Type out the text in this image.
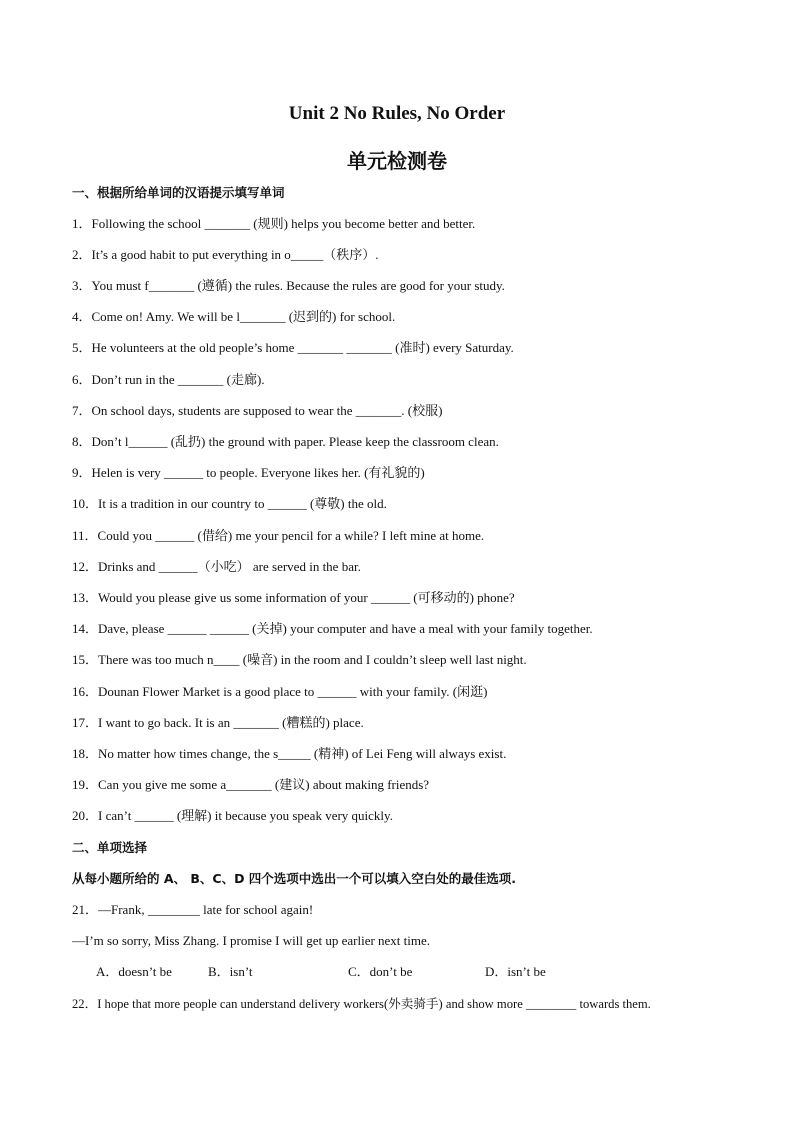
Unit 2 No Rules, No Order
单元检测卷
一、根据所给单词的汉语提示填写单词
1．Following the school _______ (规则) helps you become better and better.
2．It’s a good habit to put everything in o_____（秩序）.
3．You must f_______ (遵循) the rules. Because the rules are good for your study.
4．Come on! Amy. We will be l_______ (迟到的) for school.
5．He volunteers at the old people’s home _______ _______ (准时) every Saturday.
6．Don’t run in the _______ (走廊).
7．On school days, students are supposed to wear the _______. (校服)
8．Don’t l______ (乱扔) the ground with paper. Please keep the classroom clean.
9．Helen is very ______ to people. Everyone likes her. (有礼貌的)
10．It is a tradition in our country to ______ (尊敬) the old.
11．Could you ______ (借给) me your pencil for a while? I left mine at home.
12．Drinks and ______（小吃） are served in the bar.
13．Would you please give us some information of your ______ (可移动的) phone?
14．Dave, please ______ ______ (关掉) your computer and have a meal with your family together.
15．There was too much n____ (噪音) in the room and I couldn’t sleep well last night.
16．Dounan Flower Market is a good place to ______ with your family. (闲逛)
17．I want to go back. It is an _______ (糟糕的) place.
18．No matter how times change, the s_____ (精神) of Lei Feng will always exist.
19．Can you give me some a_______ (建议) about making friends?
20．I can’t ______ (理解) it because you speak very quickly.
二、单项选择
从每小题所给的 A、 B、C、D 四个选项中选出一个可以填入空白处的最佳选项.
21．—Frank, ________ late for school again!
—I’m so sorry, Miss Zhang. I promise I will get up earlier next time.
A．doesn’t be	B．isn’t	C．don’t be	D．isn’t be
22．I hope that more people can understand delivery workers(外卖骑手) and show more ________ towards them.
